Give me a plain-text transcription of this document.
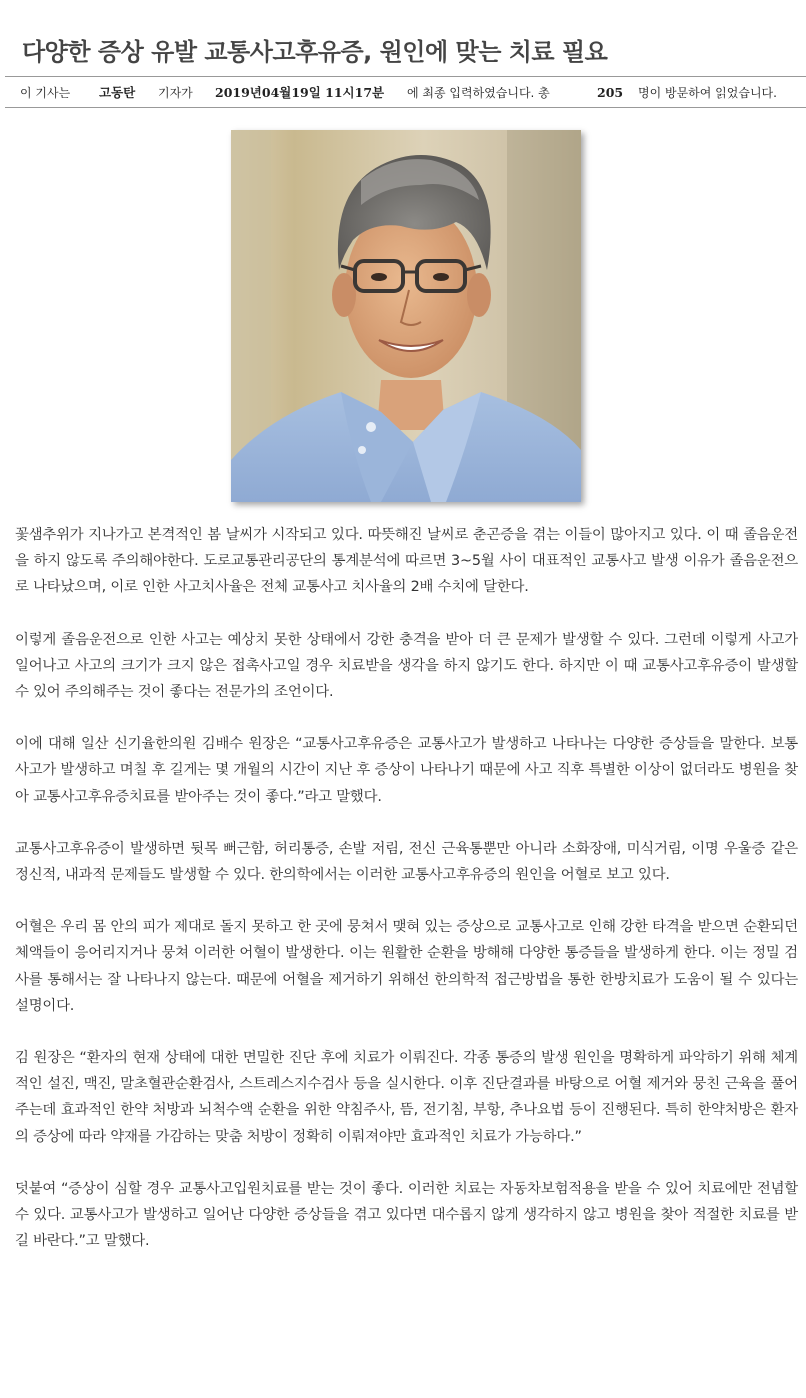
다양한 증상 유발 교통사고후유증, 원인에 맞는 치료 필요
이 기사는 고동탄 기자가 2019년04월19일 11시17분 에 최종 입력하였습니다. 총	205 명이 방문하여 읽었습니다.

꽃샘추위가 지나가고 본격적인 봄 날씨가 시작되고 있다. 따뜻해진 날씨로 춘곤증을 겪는 이들이 많아지고 있다. 이 때 졸음운전을 하지 않도록 주의해야한다. 도로교통관리공단의 통계분석에 따르면 3~5월 사이 대표적인 교통사고 발생 이유가 졸음운전으로 나타났으며, 이로 인한 사고치사율은 전체 교통사고 치사율의 2배 수치에 달한다.

이렇게 졸음운전으로 인한 사고는 예상치 못한 상태에서 강한 충격을 받아 더 큰 문제가 발생할 수 있다. 그런데 이렇게 사고가 일어나고 사고의 크기가 크지 않은 접촉사고일 경우 치료받을 생각을 하지 않기도 한다. 하지만 이 때 교통사고후유증이 발생할 수 있어 주의해주는 것이 좋다는 전문가의 조언이다.

이에 대해 일산 신기율한의원 김배수 원장은 “교통사고후유증은 교통사고가 발생하고 나타나는 다양한 증상들을 말한다. 보통 사고가 발생하고 며칠 후 길게는 몇 개월의 시간이 지난 후 증상이 나타나기 때문에 사고 직후 특별한 이상이 없더라도 병원을 찾아 교통사고후유증치료를 받아주는 것이 좋다.”라고 말했다.

교통사고후유증이 발생하면 뒷목 뻐근함, 허리통증, 손발 저림, 전신 근육통뿐만 아니라 소화장애, 미식거림, 이명 우울증 같은 정신적, 내과적 문제들도 발생할 수 있다. 한의학에서는 이러한 교통사고후유증의 원인을 어혈로 보고 있다.

어혈은 우리 몸 안의 피가 제대로 돌지 못하고 한 곳에 뭉쳐서 맺혀 있는 증상으로 교통사고로 인해 강한 타격을 받으면 순환되던 체액들이 응어리지거나 뭉쳐 이러한 어혈이 발생한다. 이는 원활한 순환을 방해해 다양한 통증들을 발생하게 한다. 이는 정밀 검사를 통해서는 잘 나타나지 않는다. 때문에 어혈을 제거하기 위해선 한의학적 접근방법을 통한 한방치료가 도움이 될 수 있다는 설명이다.

김 원장은 “환자의 현재 상태에 대한 면밀한 진단 후에 치료가 이뤄진다. 각종 통증의 발생 원인을 명확하게 파악하기 위해 체계적인 설진, 맥진, 말초혈관순환검사, 스트레스지수검사 등을 실시한다. 이후 진단결과를 바탕으로 어혈 제거와 뭉친 근육을 풀어주는데 효과적인 한약 처방과 뇌척수액 순환을 위한 약침주사, 뜸, 전기침, 부항, 추나요법 등이 진행된다. 특히 한약처방은 환자의 증상에 따라 약재를 가감하는 맞춤 처방이 정확히 이뤄져야만 효과적인 치료가 가능하다.”

덧붙여 “증상이 심할 경우 교통사고입원치료를 받는 것이 좋다. 이러한 치료는 자동차보험적용을 받을 수 있어 치료에만 전념할 수 있다. 교통사고가 발생하고 일어난 다양한 증상들을 겪고 있다면 대수롭지 않게 생각하지 않고 병원을 찾아 적절한 치료를 받길 바란다.”고 말했다.
